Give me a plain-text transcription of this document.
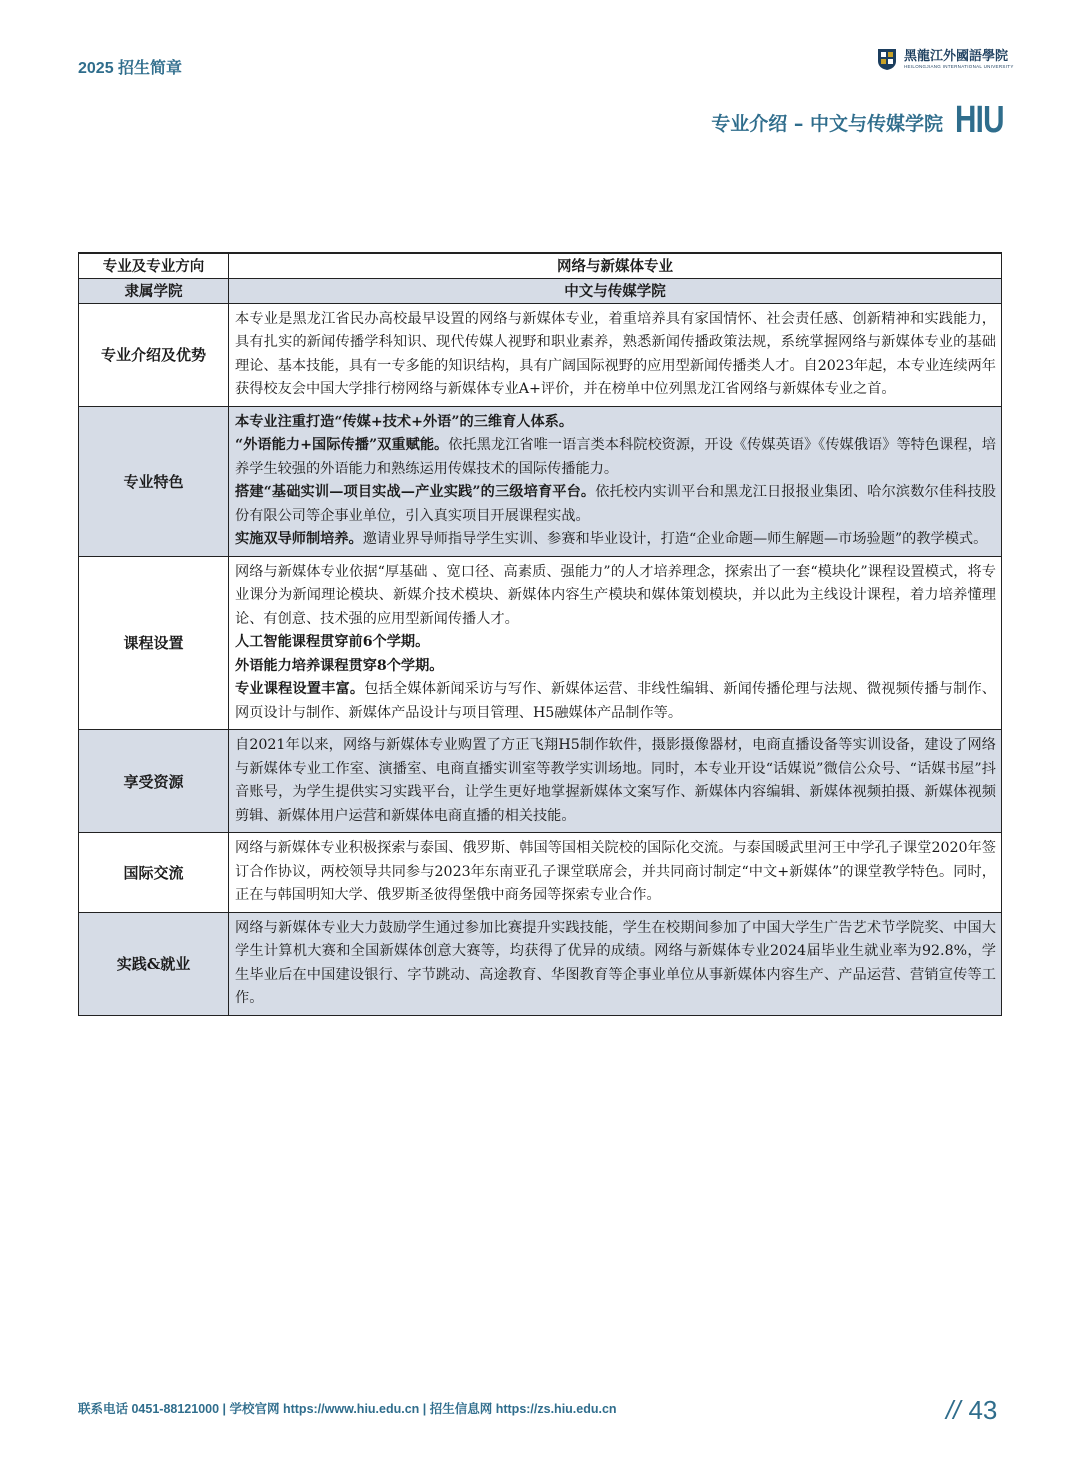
2025 招生简章
黑龍江外國語學院
HEILONGJIANG INTERNATIONAL UNIVERSITY
专业介绍 – 中文与传媒学院 HIU
专业及专业方向	网络与新媒体专业
隶属学院	中文与传媒学院
专业介绍及优势	本专业是黑龙江省民办高校最早设置的网络与新媒体专业，着重培养具有家国情怀、社会责任感、创新精神和实践能力，具有扎实的新闻传播学科知识、现代传媒人视野和职业素养，熟悉新闻传播政策法规，系统掌握网络与新媒体专业的基础理论、基本技能，具有一专多能的知识结构，具有广阔国际视野的应用型新闻传播类人才。自2023年起，本专业连续两年获得校友会中国大学排行榜网络与新媒体专业A+评价，并在榜单中位列黑龙江省网络与新媒体专业之首。
专业特色	本专业注重打造“传媒+技术+外语”的三维育人体系。
“外语能力+国际传播”双重赋能。依托黑龙江省唯一语言类本科院校资源，开设《传媒英语》《传媒俄语》等特色课程，培养学生较强的外语能力和熟练运用传媒技术的国际传播能力。
搭建“基础实训—项目实战—产业实践”的三级培育平台。依托校内实训平台和黑龙江日报报业集团、哈尔滨数尔佳科技股份有限公司等企事业单位，引入真实项目开展课程实战。
实施双导师制培养。邀请业界导师指导学生实训、参赛和毕业设计，打造“企业命题—师生解题—市场验题”的教学模式。

课程设置	网络与新媒体专业依据“厚基础 、宽口径、高素质、强能力”的人才培养理念，探索出了一套“模块化”课程设置模式，将专业课分为新闻理论模块、新媒介技术模块、新媒体内容生产模块和媒体策划模块，并以此为主线设计课程，着力培养懂理论、有创意、技术强的应用型新闻传播人才。
人工智能课程贯穿前6个学期。
外语能力培养课程贯穿8个学期。
专业课程设置丰富。包括全媒体新闻采访与写作、新媒体运营、非线性编辑、新闻传播伦理与法规、微视频传播与制作、网页设计与制作、新媒体产品设计与项目管理、H5融媒体产品制作等。

享受资源	自2021年以来，网络与新媒体专业购置了方正飞翔H5制作软件，摄影摄像器材，电商直播设备等实训设备，建设了网络与新媒体专业工作室、演播室、电商直播实训室等教学实训场地。同时，本专业开设“话媒说”微信公众号、“话媒书屋”抖音账号，为学生提供实习实践平台，让学生更好地掌握新媒体文案写作、新媒体内容编辑、新媒体视频拍摄、新媒体视频剪辑、新媒体用户运营和新媒体电商直播的相关技能。
国际交流	网络与新媒体专业积极探索与泰国、俄罗斯、韩国等国相关院校的国际化交流。与泰国暖武里河王中学孔子课堂2020年签订合作协议，两校领导共同参与2023年东南亚孔子课堂联席会，并共同商讨制定“中文+新媒体”的课堂教学特色。同时，正在与韩国明知大学、俄罗斯圣彼得堡俄中商务园等探索专业合作。
实践&就业	网络与新媒体专业大力鼓励学生通过参加比赛提升实践技能，学生在校期间参加了中国大学生广告艺术节学院奖、中国大学生计算机大赛和全国新媒体创意大赛等，均获得了优异的成绩。网络与新媒体专业2024届毕业生就业率为92.8%，学生毕业后在中国建设银行、字节跳动、高途教育、华图教育等企事业单位从事新媒体内容生产、产品运营、营销宣传等工作。
联系电话 0451-88121000 | 学校官网 https://www.hiu.edu.cn | 招生信息网 https://zs.hiu.edu.cn	// 43
